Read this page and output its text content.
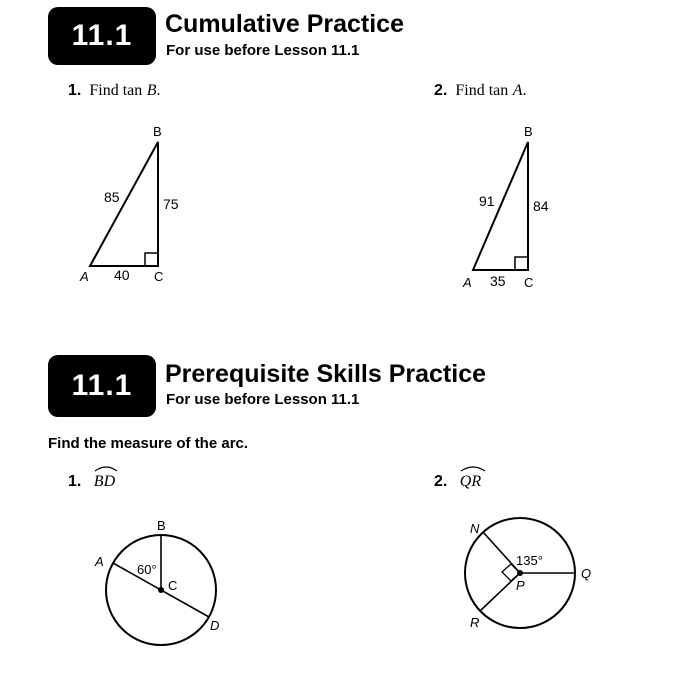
11.1	Cumulative Practice
For use before Lesson 11.1
1. Find tan B.	2. Find tan A.
B
A	C
85	75
40
B
A	C
91	84
35
11.1	Prerequisite Skills Practice
For use before Lesson 11.1
Find the measure of the arc.
1. BD	2. QR
B
A
C
D
60°
N
P
Q
R
135°
